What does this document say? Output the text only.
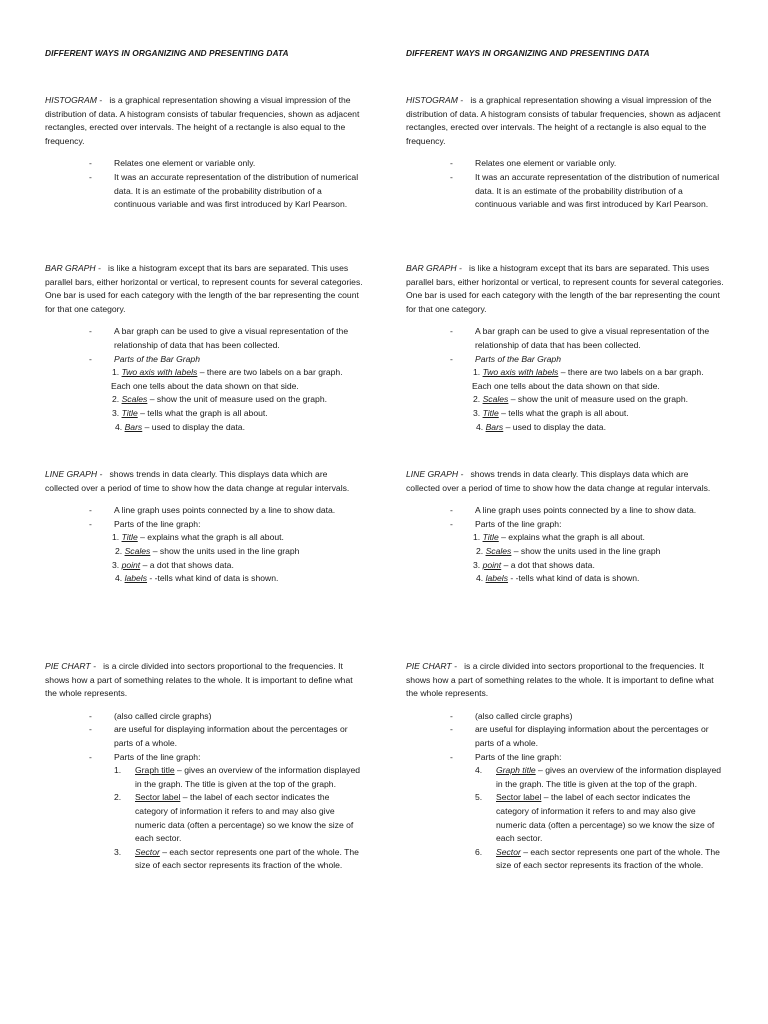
DIFFERENT WAYS IN ORGANIZING AND PRESENTING DATA

HISTOGRAM - is a graphical representation showing a visual impression of the distribution of data. A histogram consists of tabular frequencies, shown as adjacent rectangles, erected over intervals. The height of a rectangle is also equal to the frequency.

-	Relates one element or variable only.
-	It was an accurate representation of the distribution of numerical data. It is an estimate of the probability distribution of a continuous variable and was first introduced by Karl Pearson.

BAR GRAPH - is like a histogram except that its bars are separated. This uses parallel bars, either horizontal or vertical, to represent counts for several categories. One bar is used for each category with the length of the bar representing the count for that one category.

-	A bar graph can be used to give a visual representation of the relationship of data that has been collected.
-	Parts of the Bar Graph
1. Two axis with labels – there are two labels on a bar graph.
Each one tells about the data shown on that side.
2. Scales – show the unit of measure used on the graph.
3. Title – tells what the graph is all about.
4. Bars – used to display the data.

LINE GRAPH - shows trends in data clearly. This displays data which are collected over a period of time to show how the data change at regular intervals.

-	A line graph uses points connected by a line to show data.
-	Parts of the line graph:
1. Title – explains what the graph is all about.
2. Scales – show the units used in the line graph
3. point – a dot that shows data.
4. labels - -tells what kind of data is shown.

PIE CHART - is a circle divided into sectors proportional to the frequencies. It shows how a part of something relates to the whole. It is important to define what the whole represents.

-	(also called circle graphs)
-	are useful for displaying information about the percentages or parts of a whole.
-	Parts of the line graph:
1. Graph title – gives an overview of the information displayed in the graph. The title is given at the top of the graph.
2. Sector label – the label of each sector indicates the category of information it refers to and may also give numeric data (often a percentage) so we know the size of each sector.
3. Sector – each sector represents one part of the whole. The size of each sector represents its fraction of the whole.
DIFFERENT WAYS IN ORGANIZING AND PRESENTING DATA

HISTOGRAM - is a graphical representation showing a visual impression of the distribution of data. A histogram consists of tabular frequencies, shown as adjacent rectangles, erected over intervals. The height of a rectangle is also equal to the frequency.

-	Relates one element or variable only.
-	It was an accurate representation of the distribution of numerical data. It is an estimate of the probability distribution of a continuous variable and was first introduced by Karl Pearson.

BAR GRAPH - is like a histogram except that its bars are separated. This uses parallel bars, either horizontal or vertical, to represent counts for several categories. One bar is used for each category with the length of the bar representing the count for that one category.

-	A bar graph can be used to give a visual representation of the relationship of data that has been collected.
-	Parts of the Bar Graph
1. Two axis with labels – there are two labels on a bar graph.
Each one tells about the data shown on that side.
2. Scales – show the unit of measure used on the graph.
3. Title – tells what the graph is all about.
4. Bars – used to display the data.

LINE GRAPH - shows trends in data clearly. This displays data which are collected over a period of time to show how the data change at regular intervals.

-	A line graph uses points connected by a line to show data.
-	Parts of the line graph:
1. Title – explains what the graph is all about.
2. Scales – show the units used in the line graph
3. point – a dot that shows data.
4. labels - -tells what kind of data is shown.

PIE CHART - is a circle divided into sectors proportional to the frequencies. It shows how a part of something relates to the whole. It is important to define what the whole represents.

-	(also called circle graphs)
-	are useful for displaying information about the percentages or parts of a whole.
-	Parts of the line graph:
4. Graph title – gives an overview of the information displayed in the graph. The title is given at the top of the graph.
5. Sector label – the label of each sector indicates the category of information it refers to and may also give numeric data (often a percentage) so we know the size of each sector.
6. Sector – each sector represents one part of the whole. The size of each sector represents its fraction of the whole.
